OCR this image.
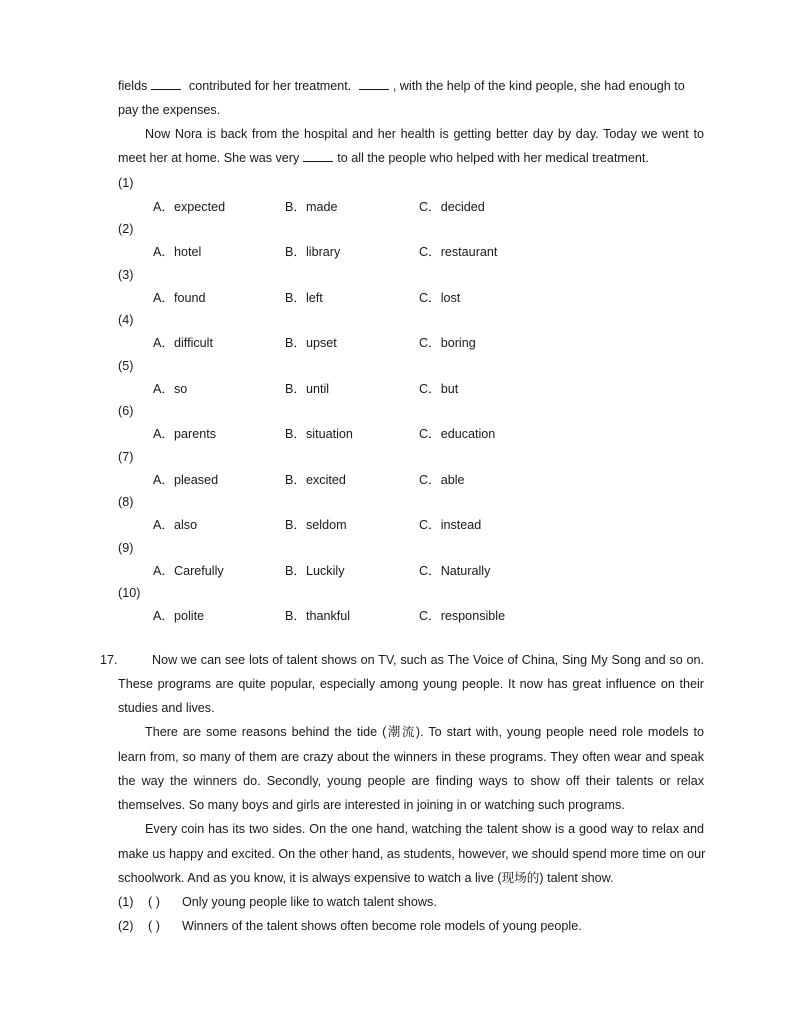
fields	contributed for her treatment.	, with the help of the kind people, she had enough to
pay the expenses.
Now Nora is back from the hospital and her health is getting better day by day. Today we went to
meet her at home. She was very	to all the people who helped with her medical treatment.
(1)
A．expected	B．made	C．decided
(2)
A．hotel	B．library	C．restaurant
(3)
A．found	B．left	C．lost
(4)
A．difficult	B．upset	C．boring
(5)
A．so	B．until	C．but
(6)
A．parents	B．situation	C．education
(7)
A．pleased	B．excited	C．able
(8)
A．also	B．seldom	C．instead
(9)
A．Carefully	B．Luckily	C．Naturally
(10)
A．polite	B．thankful	C．responsible
17.	Now we can see lots of talent shows on TV, such as The Voice of China, Sing My Song and so on.
These programs are quite popular, especially among young people. It now has great influence on their
studies and lives.
There are some reasons behind the tide (潮流). To start with, young people need role models to
learn from, so many of them are crazy about the winners in these programs. They often wear and speak
the way the winners do. Secondly, young people are finding ways to show off their talents or relax
themselves. So many boys and girls are interested in joining in or watching such programs.
Every coin has its two sides. On the one hand, watching the talent show is a good way to relax and
make us happy and excited. On the other hand, as students, however, we should spend more time on our
schoolwork. And as you know, it is always expensive to watch a live (现场的) talent show.
(1) ( ) Only young people like to watch talent shows.
(2) ( ) Winners of the talent shows often become role models of young people.
